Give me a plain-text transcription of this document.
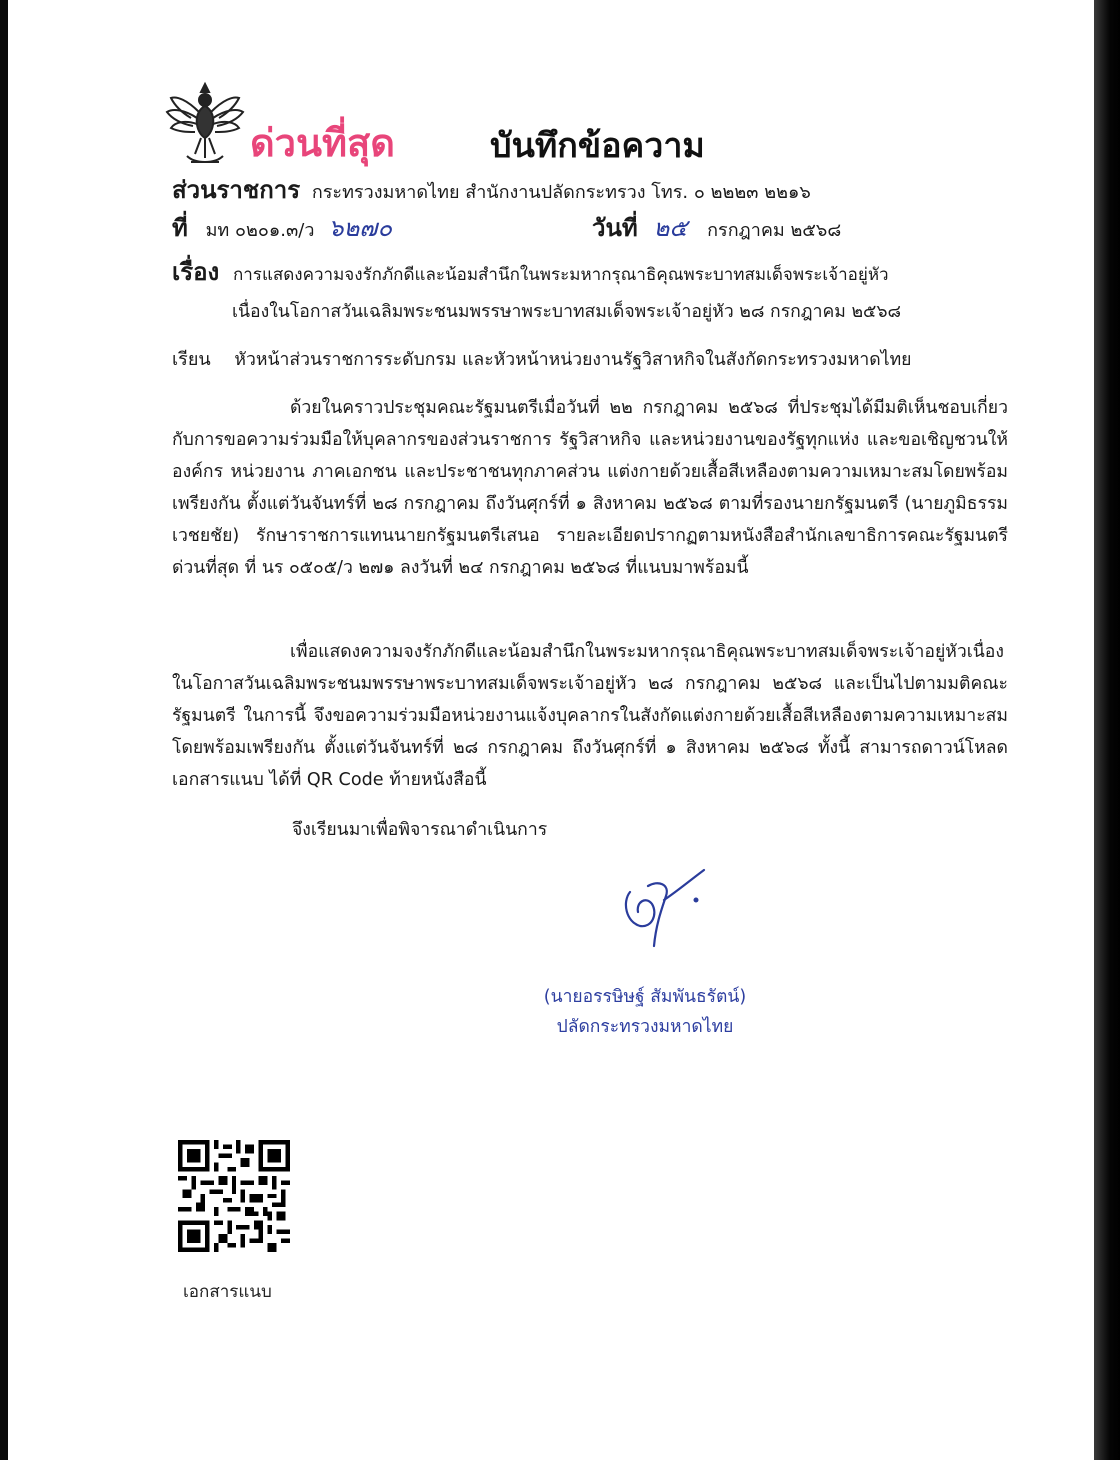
ด่วนที่สุด	บันทึกข้อความ
ส่วนราชการ กระทรวงมหาดไทย สำนักงานปลัดกระทรวง โทร. ๐ ๒๒๒๓ ๒๒๑๖
ที่ มท ๐๒๐๑.๓/ว ๖๒๗๐	วันที่ ๒๕ กรกฎาคม ๒๕๖๘
เรื่อง การแสดงความจงรักภักดีและน้อมสำนึกในพระมหากรุณาธิคุณพระบาทสมเด็จพระเจ้าอยู่หัว
เนื่องในโอกาสวันเฉลิมพระชนมพรรษาพระบาทสมเด็จพระเจ้าอยู่หัว ๒๘ กรกฎาคม ๒๕๖๘
เรียน หัวหน้าส่วนราชการระดับกรม และหัวหน้าหน่วยงานรัฐวิสาหกิจในสังกัดกระทรวงมหาดไทย

ด้วยในคราวประชุมคณะรัฐมนตรีเมื่อวันที่ ๒๒ กรกฎาคม ๒๕๖๘ ที่ประชุมได้มีมติเห็นชอบเกี่ยวกับการขอความร่วมมือให้บุคลากรของส่วนราชการ รัฐวิสาหกิจ และหน่วยงานของรัฐทุกแห่ง และขอเชิญชวนให้องค์กร หน่วยงาน ภาคเอกชน และประชาชนทุกภาคส่วน แต่งกายด้วยเสื้อสีเหลืองตามความเหมาะสมโดยพร้อมเพรียงกัน ตั้งแต่วันจันทร์ที่ ๒๘ กรกฎาคม ถึงวันศุกร์ที่ ๑ สิงหาคม ๒๕๖๘ ตามที่รองนายกรัฐมนตรี (นายภูมิธรรม เวชยชัย) รักษาราชการแทนนายกรัฐมนตรีเสนอ รายละเอียดปรากฏตามหนังสือสำนักเลขาธิการคณะรัฐมนตรี ด่วนที่สุด ที่ นร ๐๕๐๕/ว ๒๗๑ ลงวันที่ ๒๔ กรกฎาคม ๒๕๖๘ ที่แนบมาพร้อมนี้

เพื่อแสดงความจงรักภักดีและน้อมสำนึกในพระมหากรุณาธิคุณพระบาทสมเด็จพระเจ้าอยู่หัวเนื่องในโอกาสวันเฉลิมพระชนมพรรษาพระบาทสมเด็จพระเจ้าอยู่หัว ๒๘ กรกฎาคม ๒๕๖๘ และเป็นไปตามมติคณะรัฐมนตรี ในการนี้ จึงขอความร่วมมือหน่วยงานแจ้งบุคลากรในสังกัดแต่งกายด้วยเสื้อสีเหลืองตามความเหมาะสมโดยพร้อมเพรียงกัน ตั้งแต่วันจันทร์ที่ ๒๘ กรกฎาคม ถึงวันศุกร์ที่ ๑ สิงหาคม ๒๕๖๘ ทั้งนี้ สามารถดาวน์โหลดเอกสารแนบ ได้ที่ QR Code ท้ายหนังสือนี้

จึงเรียนมาเพื่อพิจารณาดำเนินการ
(นายอรรษิษฐ์ สัมพันธรัตน์)
ปลัดกระทรวงมหาดไทย
เอกสารแนบ
